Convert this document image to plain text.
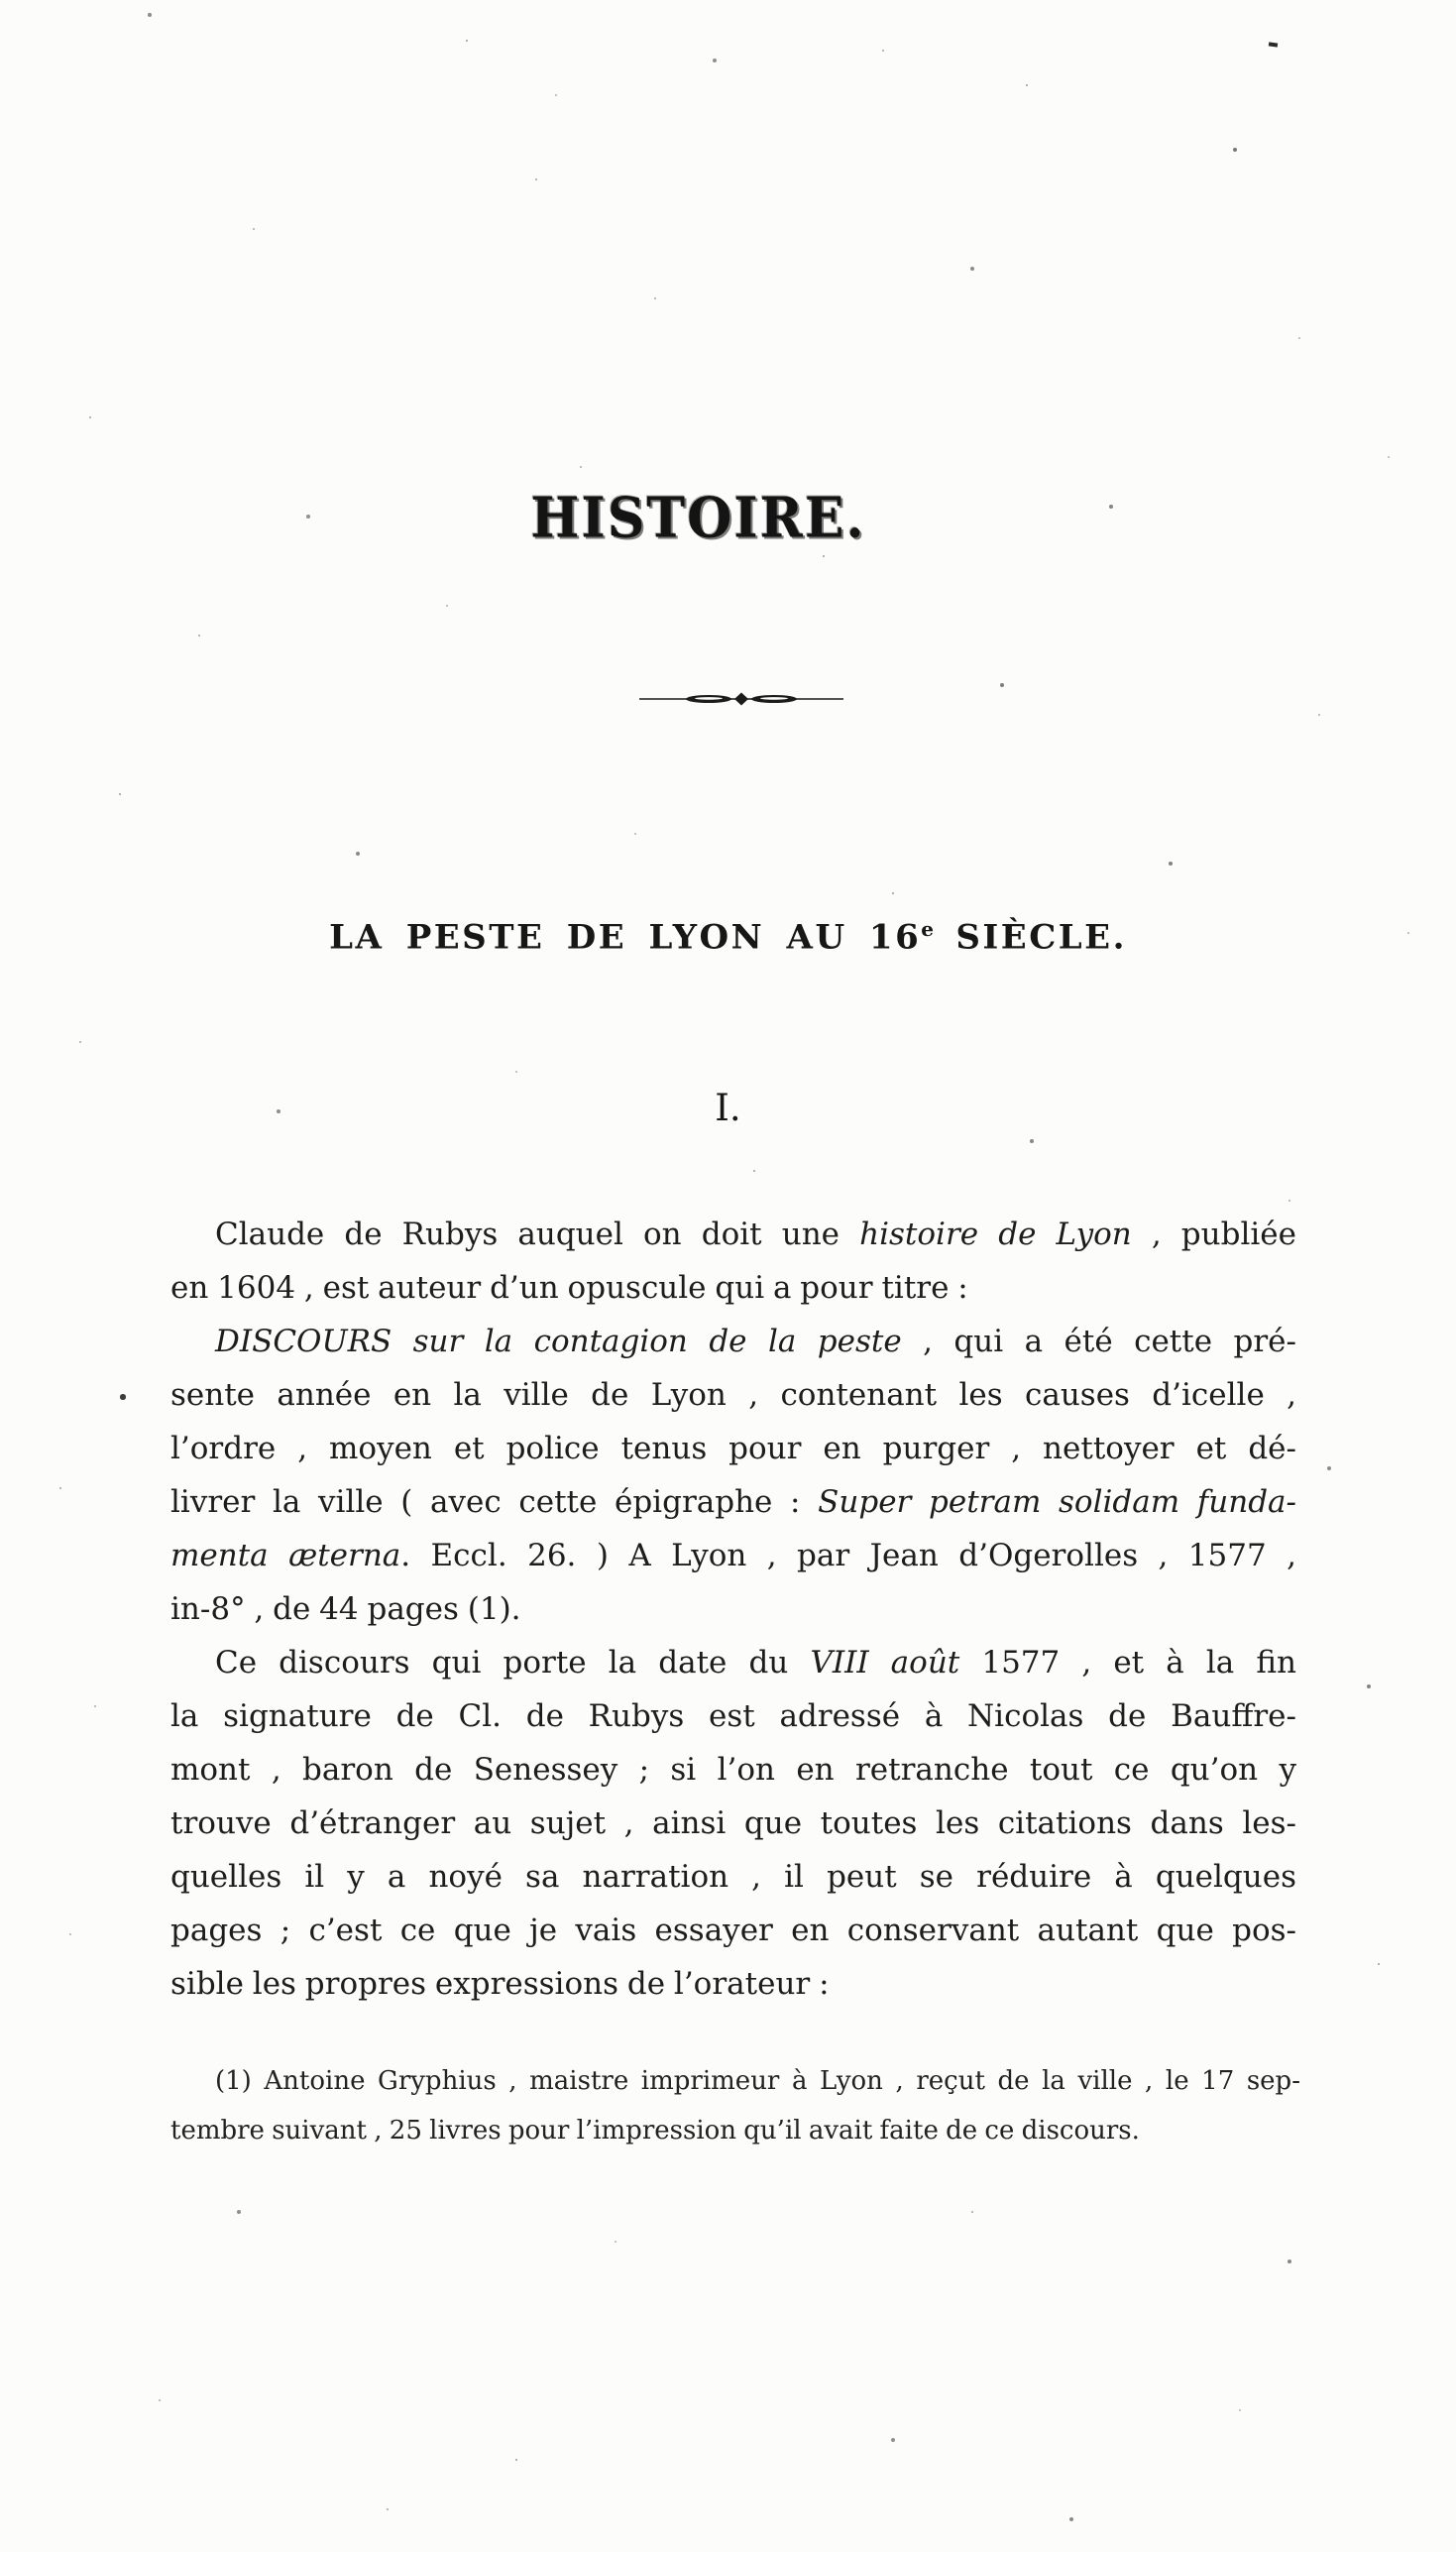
HISTOIRE.
LA PESTE DE LYON AU 16e SIÈCLE.
I.
Claude de Rubys auquel on doit une histoire de Lyon , publiée
en 1604 , est auteur d’un opuscule qui a pour titre :
DISCOURS sur la contagion de la peste , qui a été cette pré-
sente année en la ville de Lyon , contenant les causes d’icelle ,
l’ordre , moyen et police tenus pour en purger , nettoyer et dé-
livrer la ville ( avec cette épigraphe : Super petram solidam funda-
menta æterna. Eccl. 26. ) A Lyon , par Jean d’Ogerolles , 1577 ,
in-8° , de 44 pages (1).
Ce discours qui porte la date du VIII août 1577 , et à la fin
la signature de Cl. de Rubys est adressé à Nicolas de Bauffre-
mont , baron de Senessey ; si l’on en retranche tout ce qu’on y
trouve d’étranger au sujet , ainsi que toutes les citations dans les-
quelles il y a noyé sa narration , il peut se réduire à quelques
pages ; c’est ce que je vais essayer en conservant autant que pos-
sible les propres expressions de l’orateur :
(1) Antoine Gryphius , maistre imprimeur à Lyon , reçut de la ville , le 17 sep-
tembre suivant , 25 livres pour l’impression qu’il avait faite de ce discours.
